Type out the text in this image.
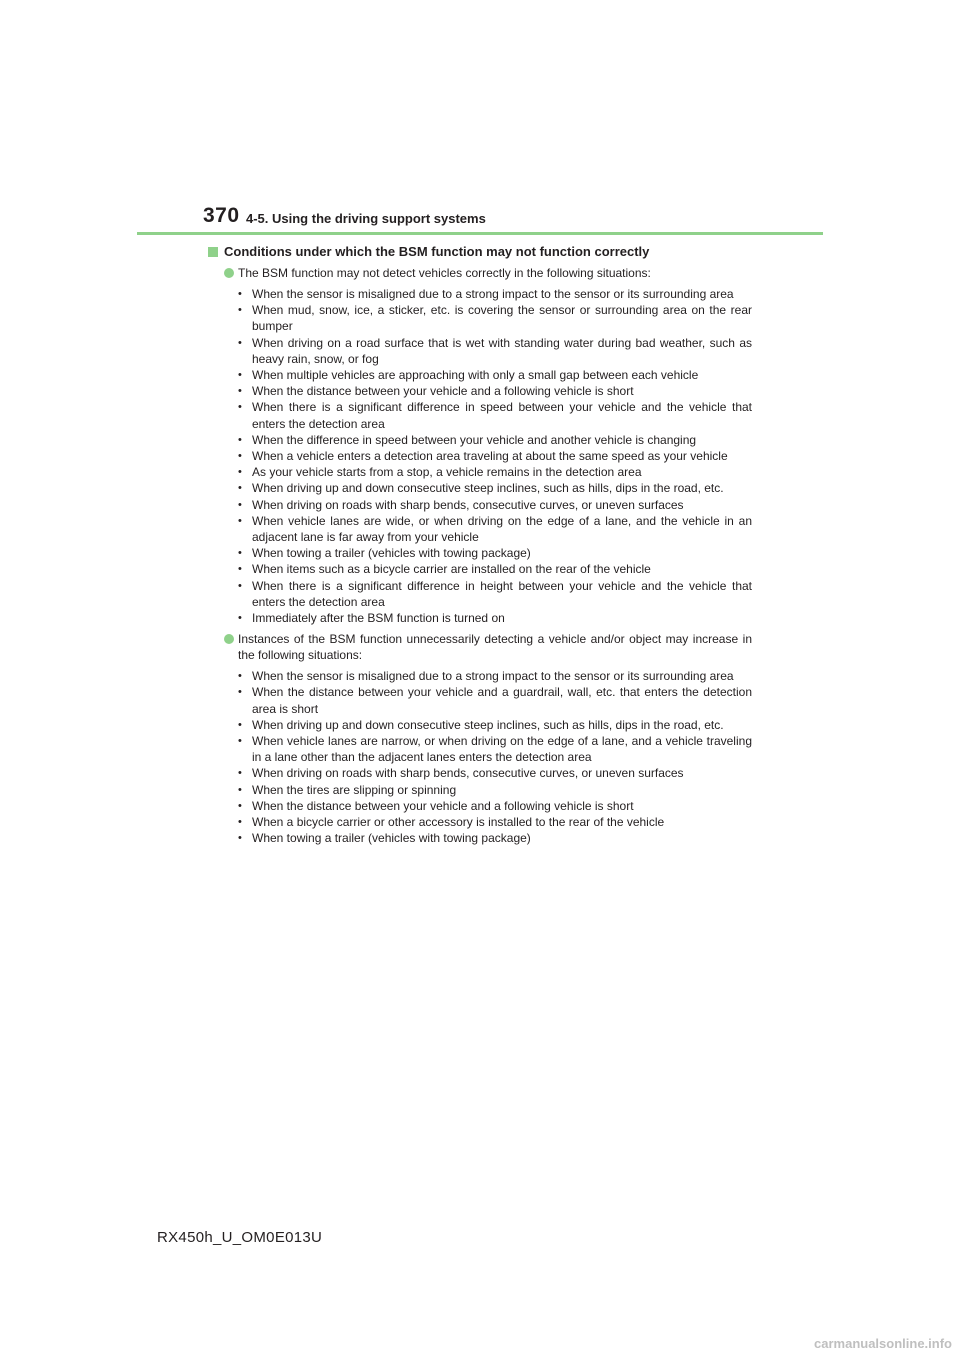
370 4-5. Using the driving support systems
Conditions under which the BSM function may not function correctly
The BSM function may not detect vehicles correctly in the following situations:
• When the sensor is misaligned due to a strong impact to the sensor or its surrounding area
• When mud, snow, ice, a sticker, etc. is covering the sensor or surrounding area on the rear bumper
• When driving on a road surface that is wet with standing water during bad weather, such as heavy rain, snow, or fog
• When multiple vehicles are approaching with only a small gap between each vehicle
• When the distance between your vehicle and a following vehicle is short
• When there is a significant difference in speed between your vehicle and the vehicle that enters the detection area
• When the difference in speed between your vehicle and another vehicle is changing
• When a vehicle enters a detection area traveling at about the same speed as your vehicle
• As your vehicle starts from a stop, a vehicle remains in the detection area
• When driving up and down consecutive steep inclines, such as hills, dips in the road, etc.
• When driving on roads with sharp bends, consecutive curves, or uneven surfaces
• When vehicle lanes are wide, or when driving on the edge of a lane, and the vehicle in an adjacent lane is far away from your vehicle
• When towing a trailer (vehicles with towing package)
• When items such as a bicycle carrier are installed on the rear of the vehicle
• When there is a significant difference in height between your vehicle and the vehicle that enters the detection area
• Immediately after the BSM function is turned on
Instances of the BSM function unnecessarily detecting a vehicle and/or object may increase in the following situations:
• When the sensor is misaligned due to a strong impact to the sensor or its surrounding area
• When the distance between your vehicle and a guardrail, wall, etc. that enters the detection area is short
• When driving up and down consecutive steep inclines, such as hills, dips in the road, etc.
• When vehicle lanes are narrow, or when driving on the edge of a lane, and a vehicle traveling in a lane other than the adjacent lanes enters the detection area
• When driving on roads with sharp bends, consecutive curves, or uneven surfaces
• When the tires are slipping or spinning
• When the distance between your vehicle and a following vehicle is short
• When a bicycle carrier or other accessory is installed to the rear of the vehicle
• When towing a trailer (vehicles with towing package)
RX450h_U_OM0E013U
carmanualsonline.info
